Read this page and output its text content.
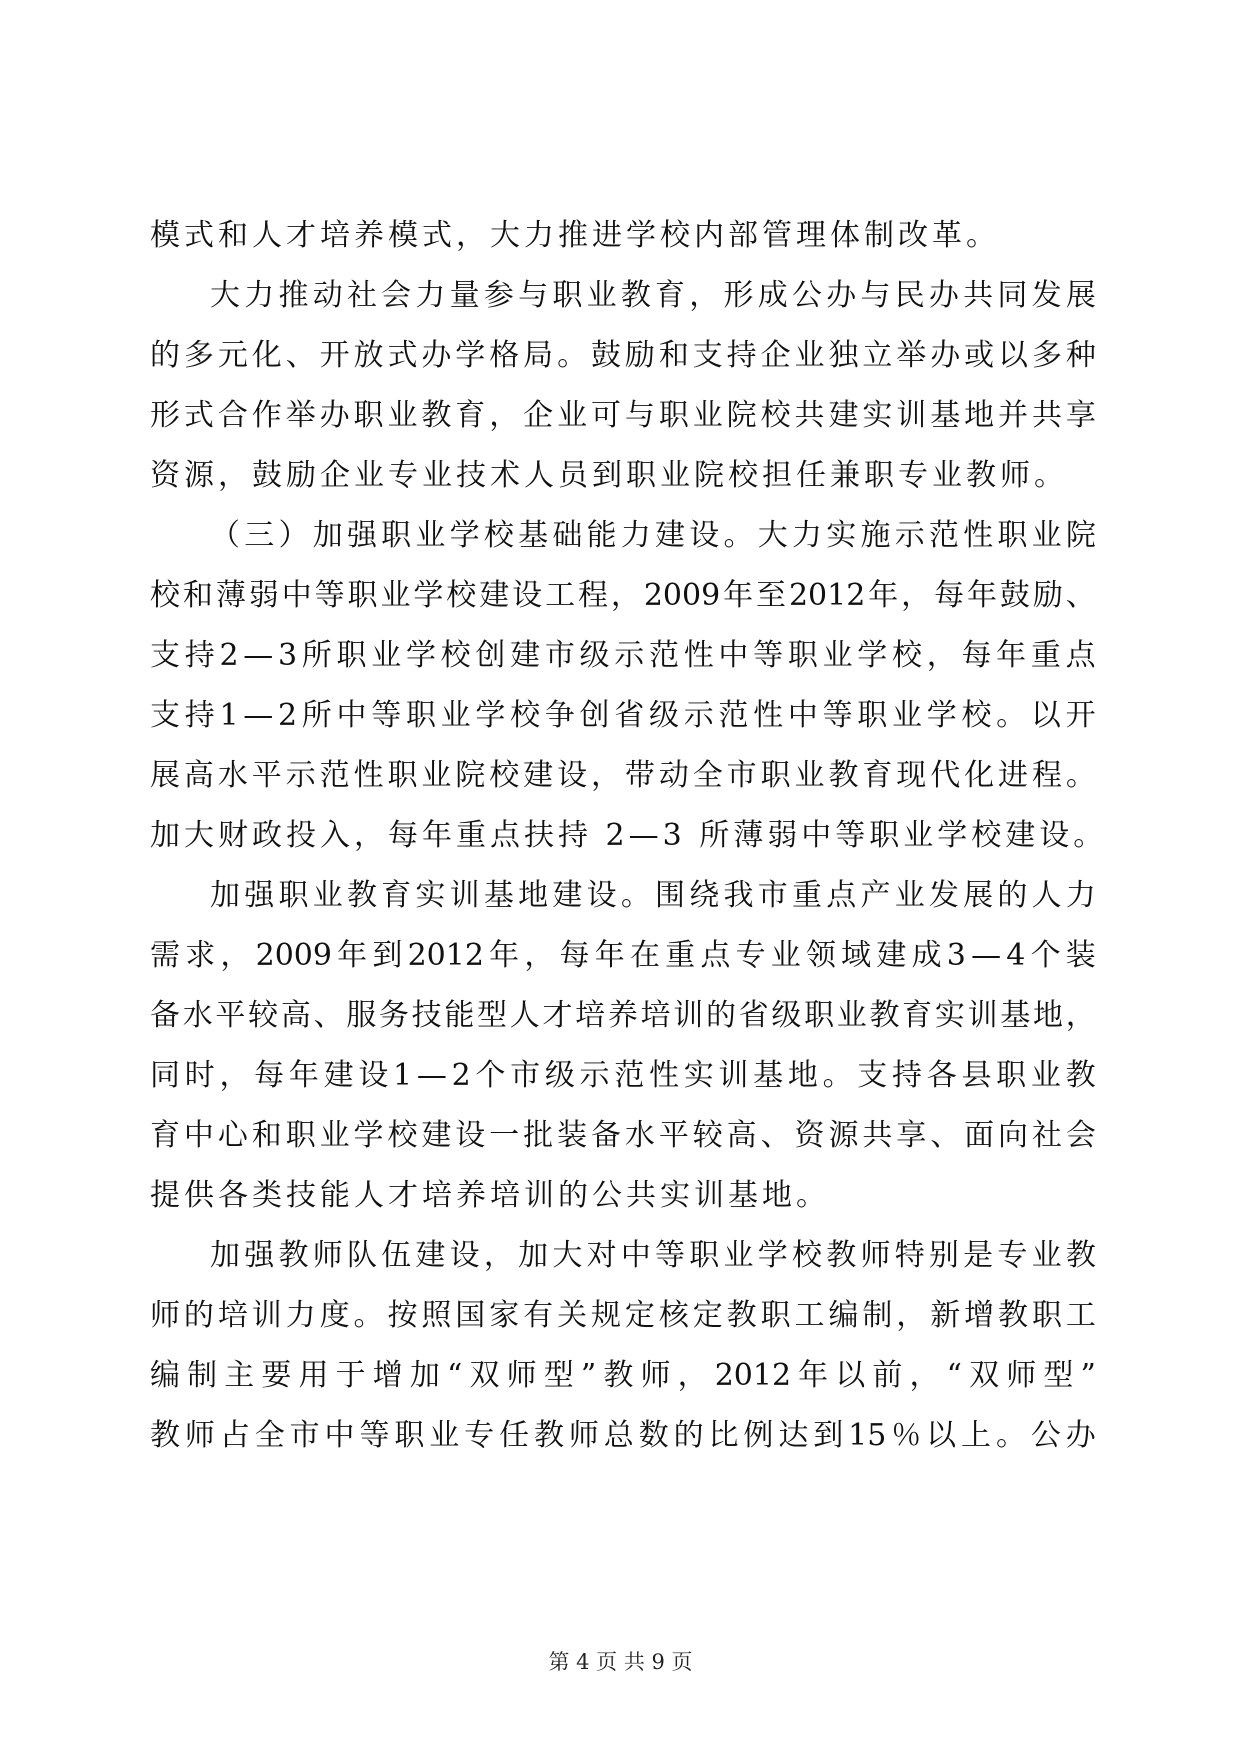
模式和人才培养模式，大力推进学校内部管理体制改革。
大 力 推 动 社 会 力 量 参 与 职 业 教 育 ， 形 成 公 办 与 民 办 共 同 发 展
的 多 元 化 、 开 放 式 办 学 格 局 。 鼓 励 和 支 持 企 业 独 立 举 办 或 以 多 种
形 式 合 作 举 办 职 业 教 育 ， 企 业 可 与 职 业 院 校 共 建 实 训 基 地 并 共 享
资源，鼓励企业专业技术人员到职业院校担任兼职专业教师。
（ 三 ） 加 强 职 业 学 校 基 础 能 力 建 设 。 大 力 实 施 示 范 性 职 业 院
校 和 薄 弱 中 等 职 业 学 校 建 设 工 程 ， 2009 年 至 2012 年 ， 每 年 鼓 励 、
支 持 2 — 3 所 职 业 学 校 创 建 市 级 示 范 性 中 等 职 业 学 校 ， 每 年 重 点
支 持 1 — 2 所 中 等 职 业 学 校 争 创 省 级 示 范 性 中 等 职 业 学 校 。 以 开
展 高 水 平 示 范 性 职 业 院 校 建 设 ， 带 动 全 市 职 业 教 育 现 代 化 进 程 。
加大财政投入，每年重点扶持 2—3 所薄弱中等职业学校建设。
加 强 职 业 教 育 实 训 基 地 建 设 。 围 绕 我 市 重 点 产 业 发 展 的 人 力
需 求 ， 2009 年 到 2012 年 ， 每 年 在 重 点 专 业 领 域 建 成 3 — 4 个 装
备 水 平 较 高 、 服 务 技 能 型 人 才 培 养 培 训 的 省 级 职 业 教 育 实 训 基 地 ，
同 时 ， 每 年 建 设 1 — 2 个 市 级 示 范 性 实 训 基 地 。 支 持 各 县 职 业 教
育 中 心 和 职 业 学 校 建 设 一 批 装 备 水 平 较 高 、 资 源 共 享 、 面 向 社 会
提供各类技能人才培养培训的公共实训基地。
加 强 教 师 队 伍 建 设 ， 加 大 对 中 等 职 业 学 校 教 师 特 别 是 专 业 教
师 的 培 训 力 度 。 按 照 国 家 有 关 规 定 核 定 教 职 工 编 制 ， 新 增 教 职 工
编 制 主 要 用 于 增 加 “ 双 师 型 ” 教 师 ， 2012 年 以 前 ， “ 双 师 型 ”
教 师 占 全 市 中 等 职 业 专 任 教 师 总 数 的 比 例 达 到 15 ％ 以 上 。 公 办
第 4 页 共 9 页
